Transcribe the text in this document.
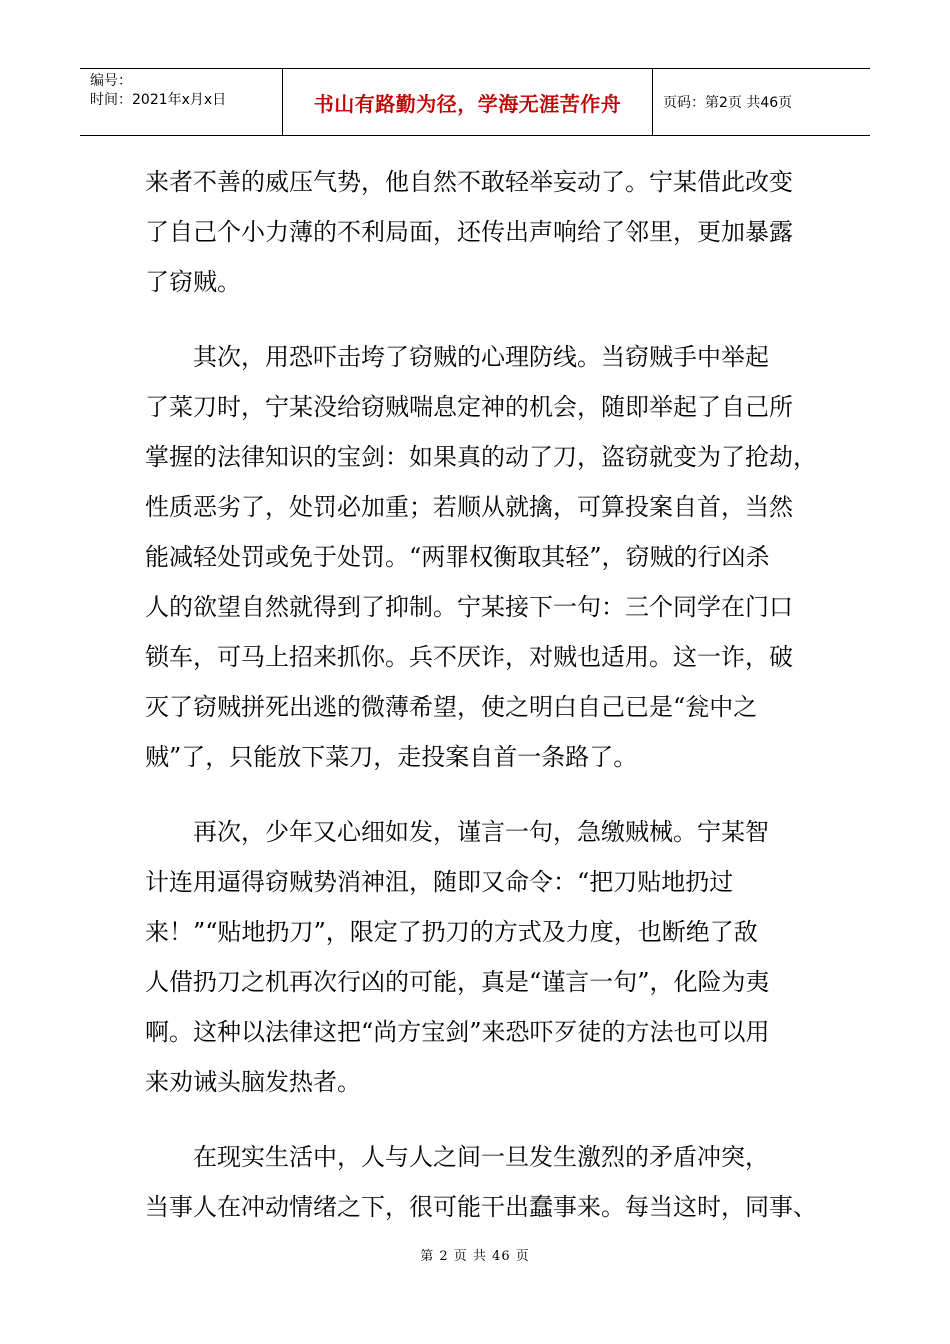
编号：
时间：2021年x月x日	书山有路勤为径，学海无涯苦作舟	页码：第2页 共46页
来者不善的威压气势，他自然不敢轻举妄动了。宁某借此改变
了自己个小力薄的不利局面，还传出声响给了邻里，更加暴露
了窃贼。
　　其次，用恐吓击垮了窃贼的心理防线。当窃贼手中举起
了菜刀时，宁某没给窃贼喘息定神的机会，随即举起了自己所
掌握的法律知识的宝剑：如果真的动了刀，盗窃就变为了抢劫，
性质恶劣了，处罚必加重；若顺从就擒，可算投案自首，当然
能减轻处罚或免于处罚。“两罪权衡取其轻”，窃贼的行凶杀
人的欲望自然就得到了抑制。宁某接下一句：三个同学在门口
锁车，可马上招来抓你。兵不厌诈，对贼也适用。这一诈，破
灭了窃贼拼死出逃的微薄希望，使之明白自己已是“瓮中之
贼”了，只能放下菜刀，走投案自首一条路了。
　　再次，少年又心细如发，谨言一句，急缴贼械。宁某智
计连用逼得窃贼势消神沮，随即又命令：“把刀贴地扔过
来！”“贴地扔刀”，限定了扔刀的方式及力度，也断绝了敌
人借扔刀之机再次行凶的可能，真是“谨言一句”，化险为夷
啊。这种以法律这把“尚方宝剑”来恐吓歹徒的方法也可以用
来劝诫头脑发热者。
　　在现实生活中，人与人之间一旦发生激烈的矛盾冲突，
当事人在冲动情绪之下，很可能干出蠢事来。每当这时，同事、
第 2 页 共 46 页
